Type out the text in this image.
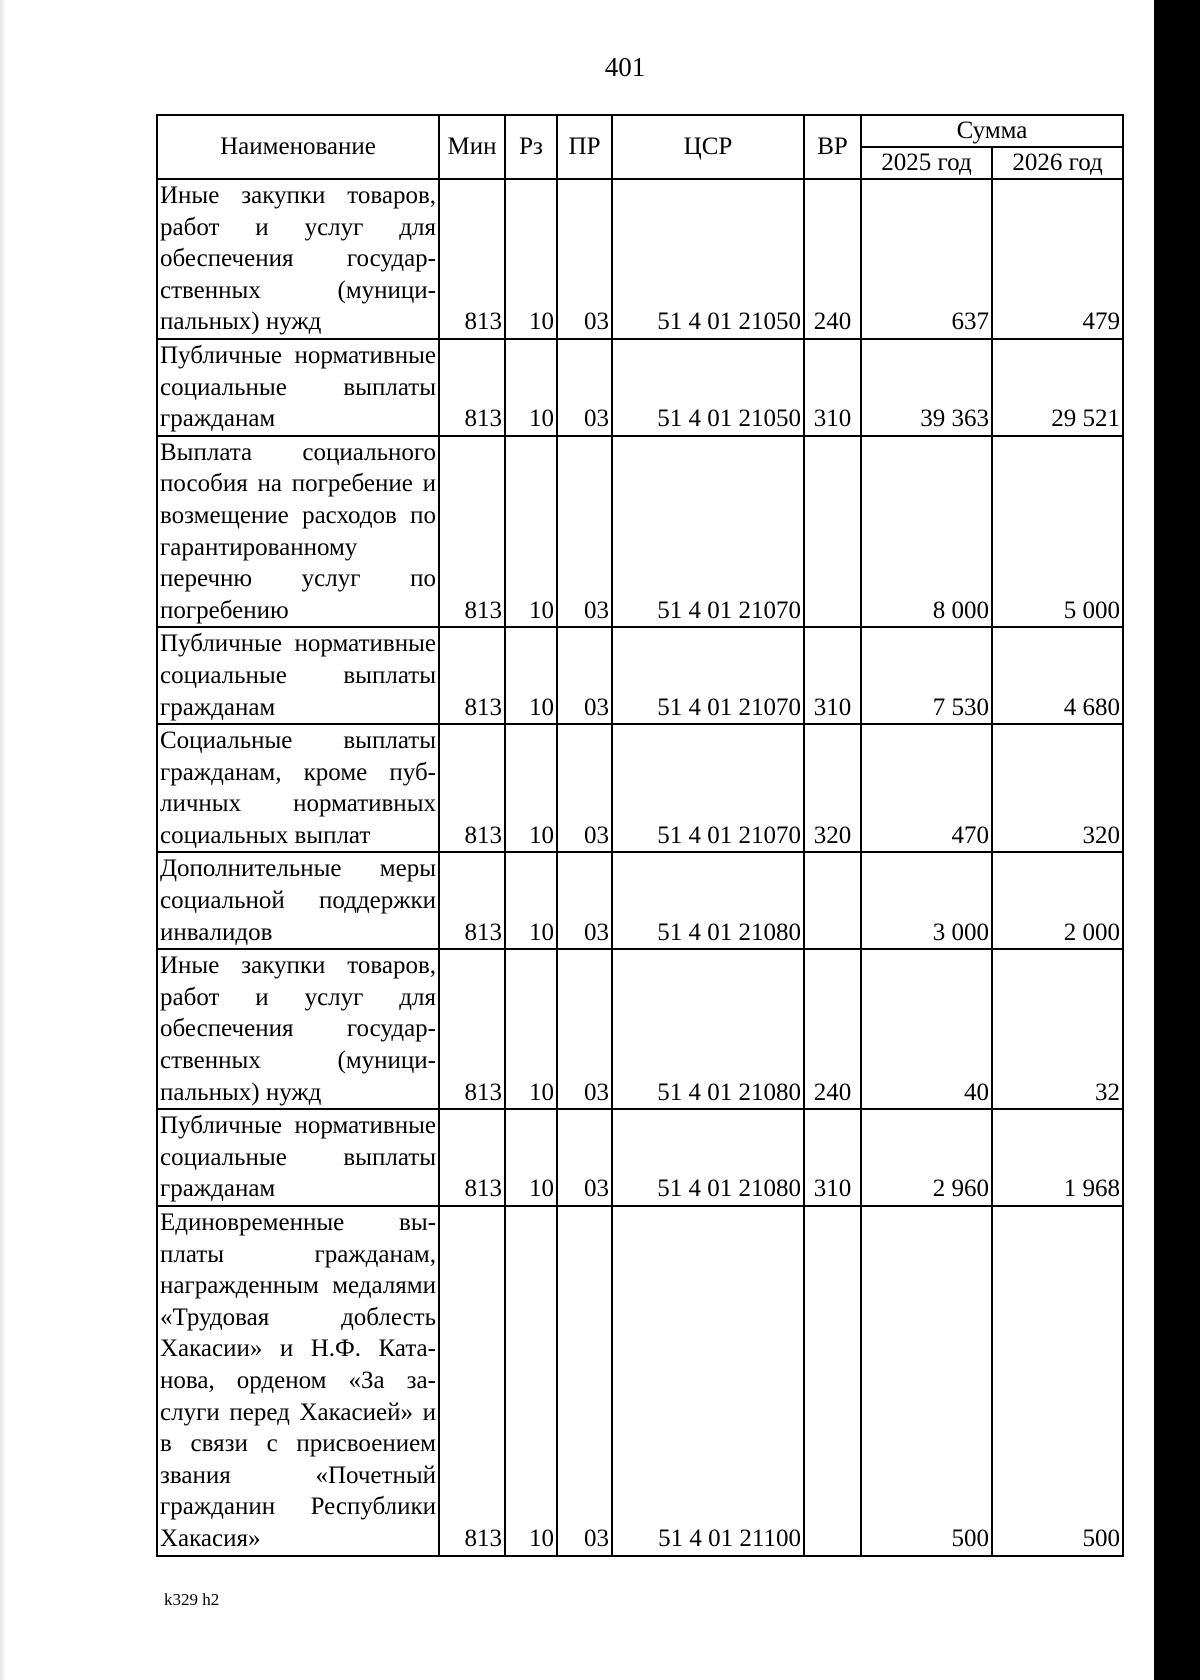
401
Наименование	Мин	Рз	ПР	ЦСР	ВР	Сумма	
						2025 год	2026 год
Иные закупки товаров, работ и услуг для обеспечения государственных (муниципальных) нужд	813	10	03	51 4 01 21050	240	637	479
Публичные нормативные социальные выплаты гражданам	813	10	03	51 4 01 21050	310	39 363	29 521
Выплата социального пособия на погребение и возмещение расходов по гарантированному перечню услуг по погребению	813	10	03	51 4 01 21070		8 000	5 000
Публичные нормативные социальные выплаты гражданам	813	10	03	51 4 01 21070	310	7 530	4 680
Социальные выплаты гражданам, кроме публичных нормативных социальных выплат	813	10	03	51 4 01 21070	320	470	320
Дополнительные меры социальной поддержки инвалидов	813	10	03	51 4 01 21080		3 000	2 000
Иные закупки товаров, работ и услуг для обеспечения государственных (муниципальных) нужд	813	10	03	51 4 01 21080	240	40	32
Публичные нормативные социальные выплаты гражданам	813	10	03	51 4 01 21080	310	2 960	1 968
Единовременные выплаты гражданам, награжденным медалями «Трудовая доблесть Хакасии» и Н.Ф. Катанова, орденом «За заслуги перед Хакасией» и в связи с присвоением звания «Почетный гражданин Республики Хакасия»	813	10	03	51 4 01 21100		500	500
k329 h2
